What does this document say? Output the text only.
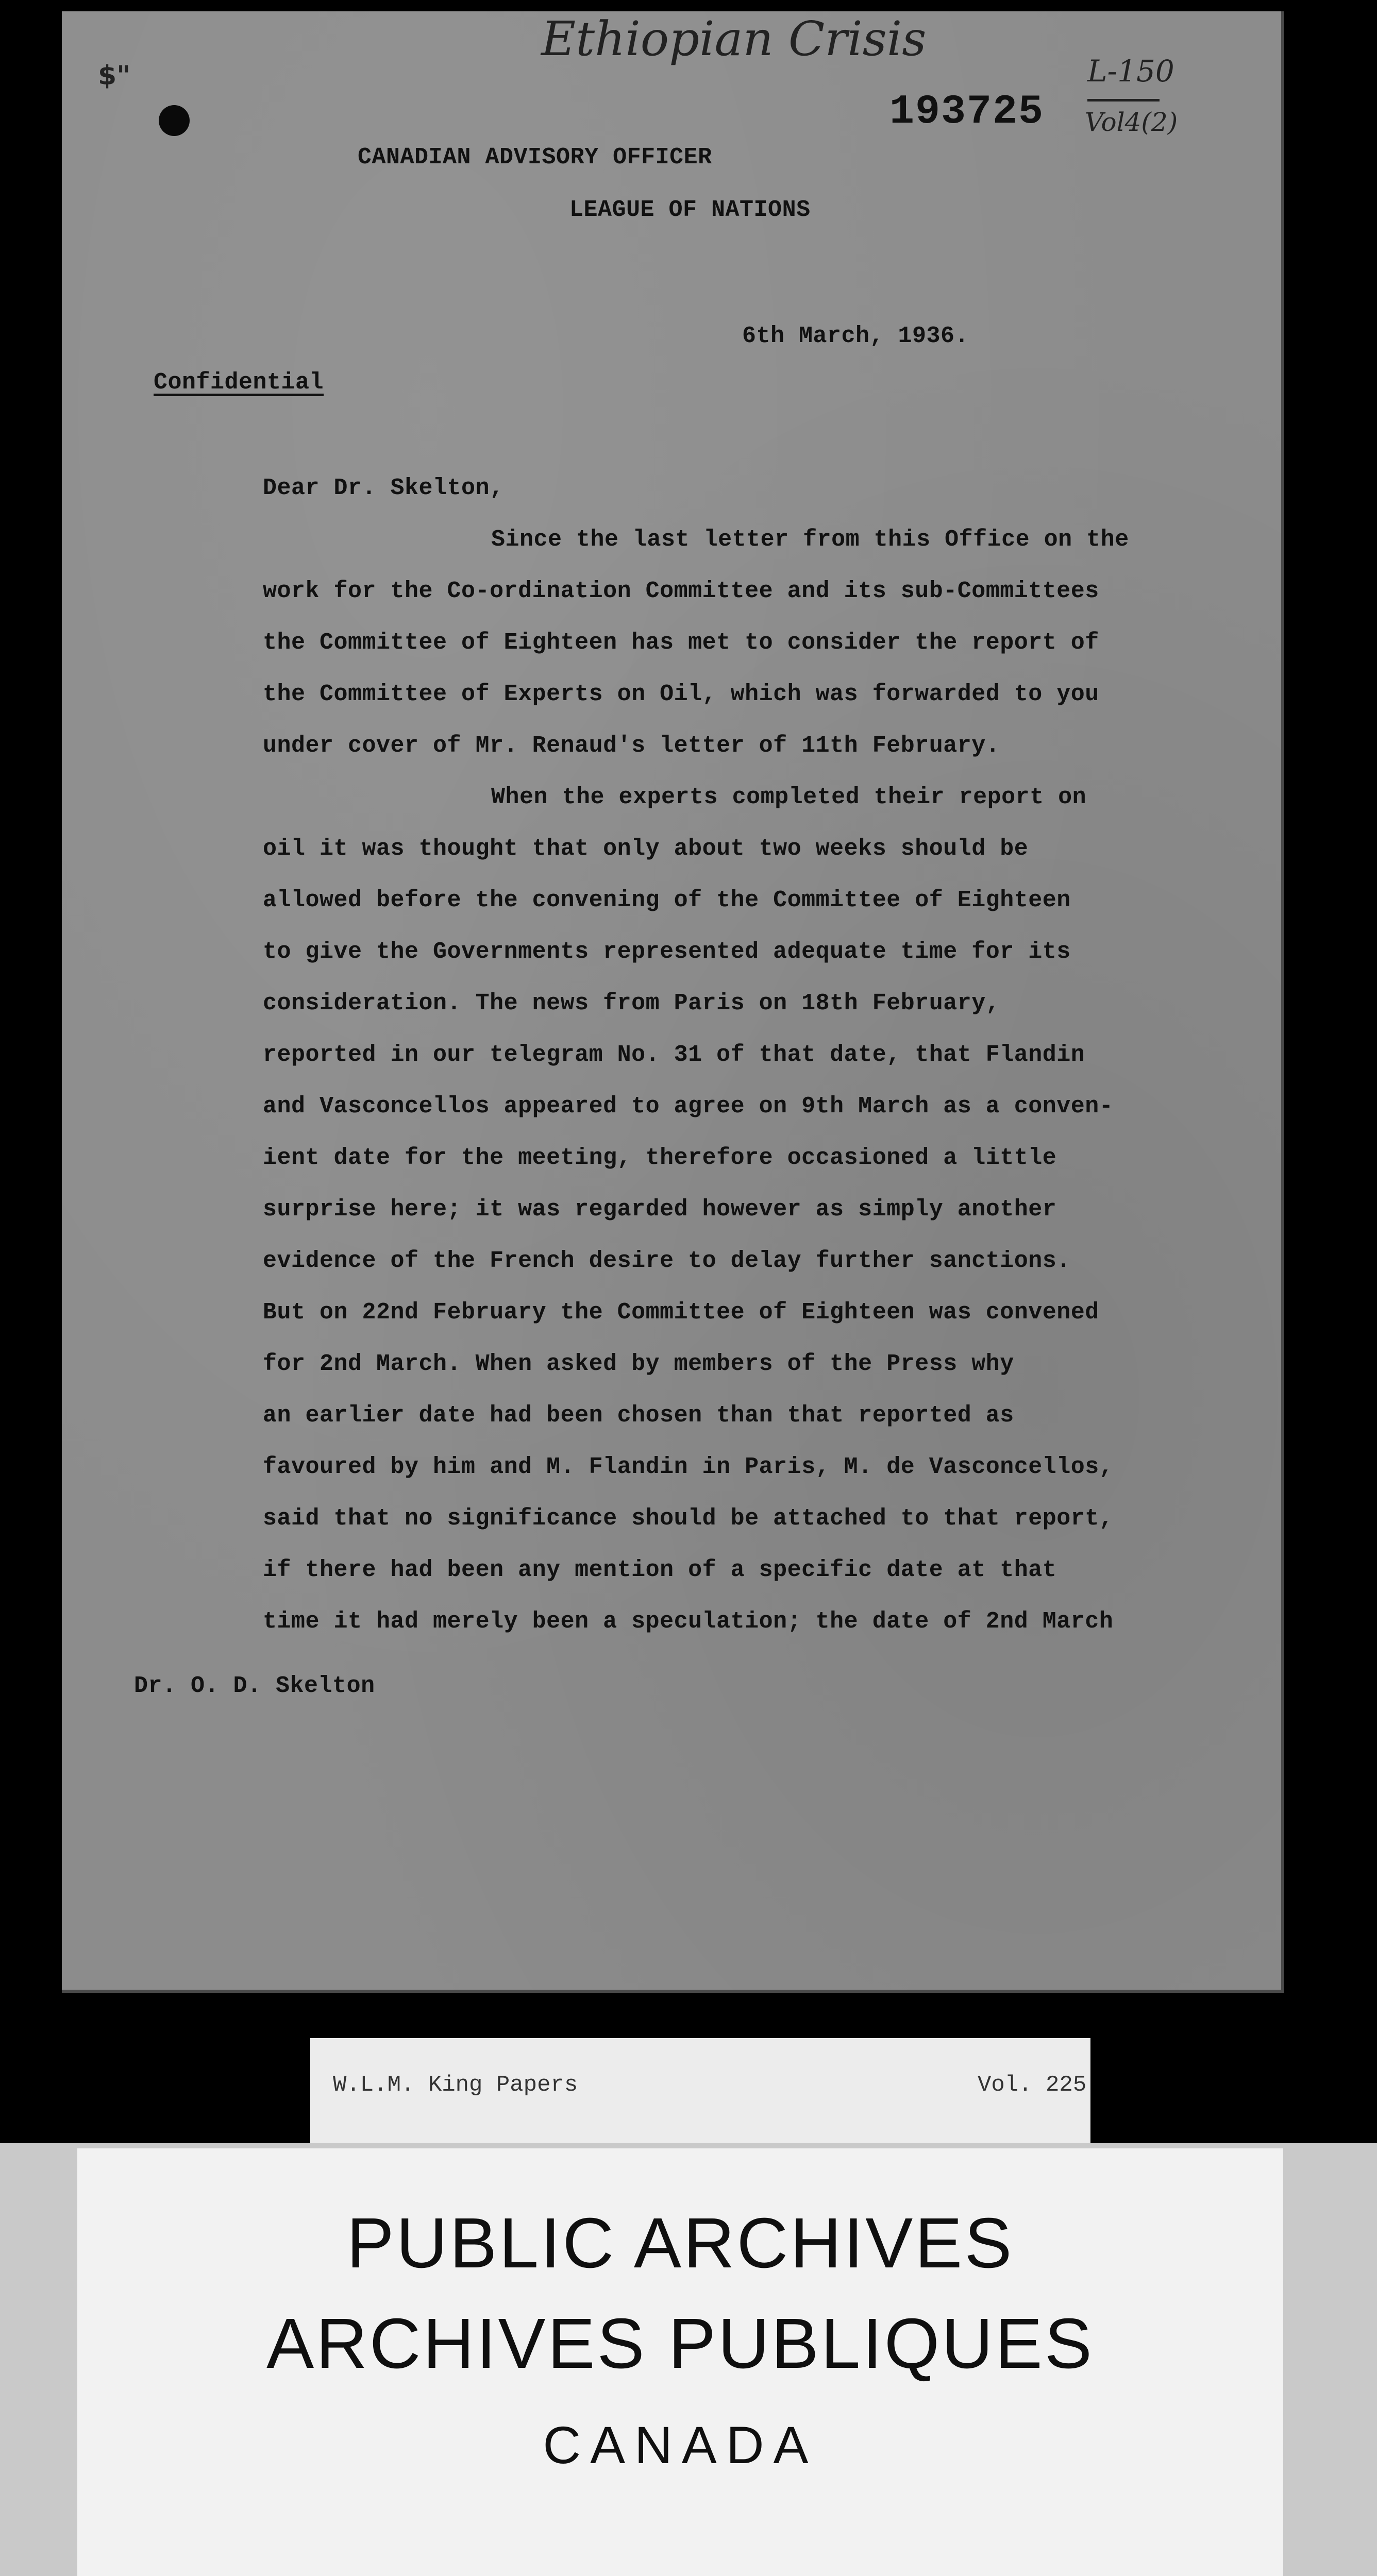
$"
Ethiopian Crisis
L-150
Vol4(2)
193725
CANADIAN ADVISORY OFFICER
LEAGUE OF NATIONS
6th March, 1936.
Confidential
Dear Dr. Skelton,
Since the last letter from this Office on the
work for the Co-ordination Committee and its sub-Committees
the Committee of Eighteen has met to consider the report of
the Committee of Experts on Oil, which was forwarded to you
under cover of Mr. Renaud's letter of 11th February.
When the experts completed their report on
oil it was thought that only about two weeks should be
allowed before the convening of the Committee of Eighteen
to give the Governments represented adequate time for its
consideration. The news from Paris on 18th February,
reported in our telegram No. 31 of that date, that Flandin
and Vasconcellos appeared to agree on 9th March as a conven-
ient date for the meeting, therefore occasioned a little
surprise here; it was regarded however as simply another
evidence of the French desire to delay further sanctions.
But on 22nd February the Committee of Eighteen was convened
for 2nd March. When asked by members of the Press why
an earlier date had been chosen than that reported as
favoured by him and M. Flandin in Paris, M. de Vasconcellos,
said that no significance should be attached to that report,
if there had been any mention of a specific date at that
time it had merely been a speculation; the date of 2nd March
Dr. O. D. Skelton
W.L.M. King Papers	Vol. 225
PUBLIC ARCHIVES
ARCHIVES PUBLIQUES
CANADA
